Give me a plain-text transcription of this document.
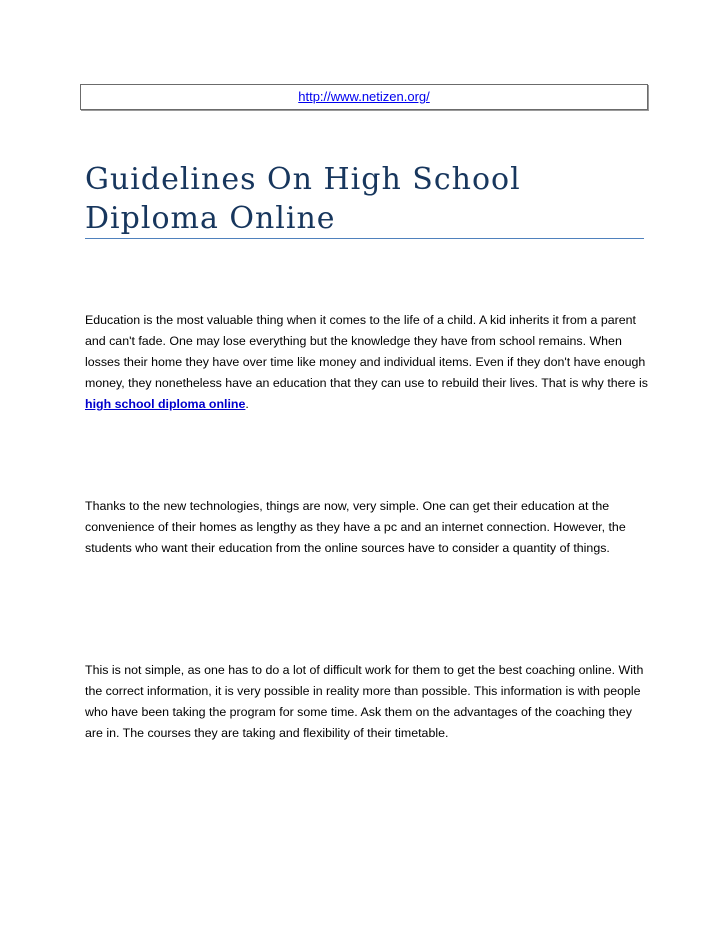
http://www.netizen.org/
Guidelines On High School Diploma Online

Education is the most valuable thing when it comes to the life of a child. A kid inherits it from a parent and can't fade. One may lose everything but the knowledge they have from school remains. When losses their home they have over time like money and individual items. Even if they don't have enough money, they nonetheless have an education that they can use to rebuild their lives. That is why there is high school diploma online.

Thanks to the new technologies, things are now, very simple. One can get their education at the convenience of their homes as lengthy as they have a pc and an internet connection. However, the students who want their education from the online sources have to consider a quantity of things.

This is not simple, as one has to do a lot of difficult work for them to get the best coaching online. With the correct information, it is very possible in reality more than possible. This information is with people who have been taking the program for some time. Ask them on the advantages of the coaching they are in. The courses they are taking and flexibility of their timetable.
